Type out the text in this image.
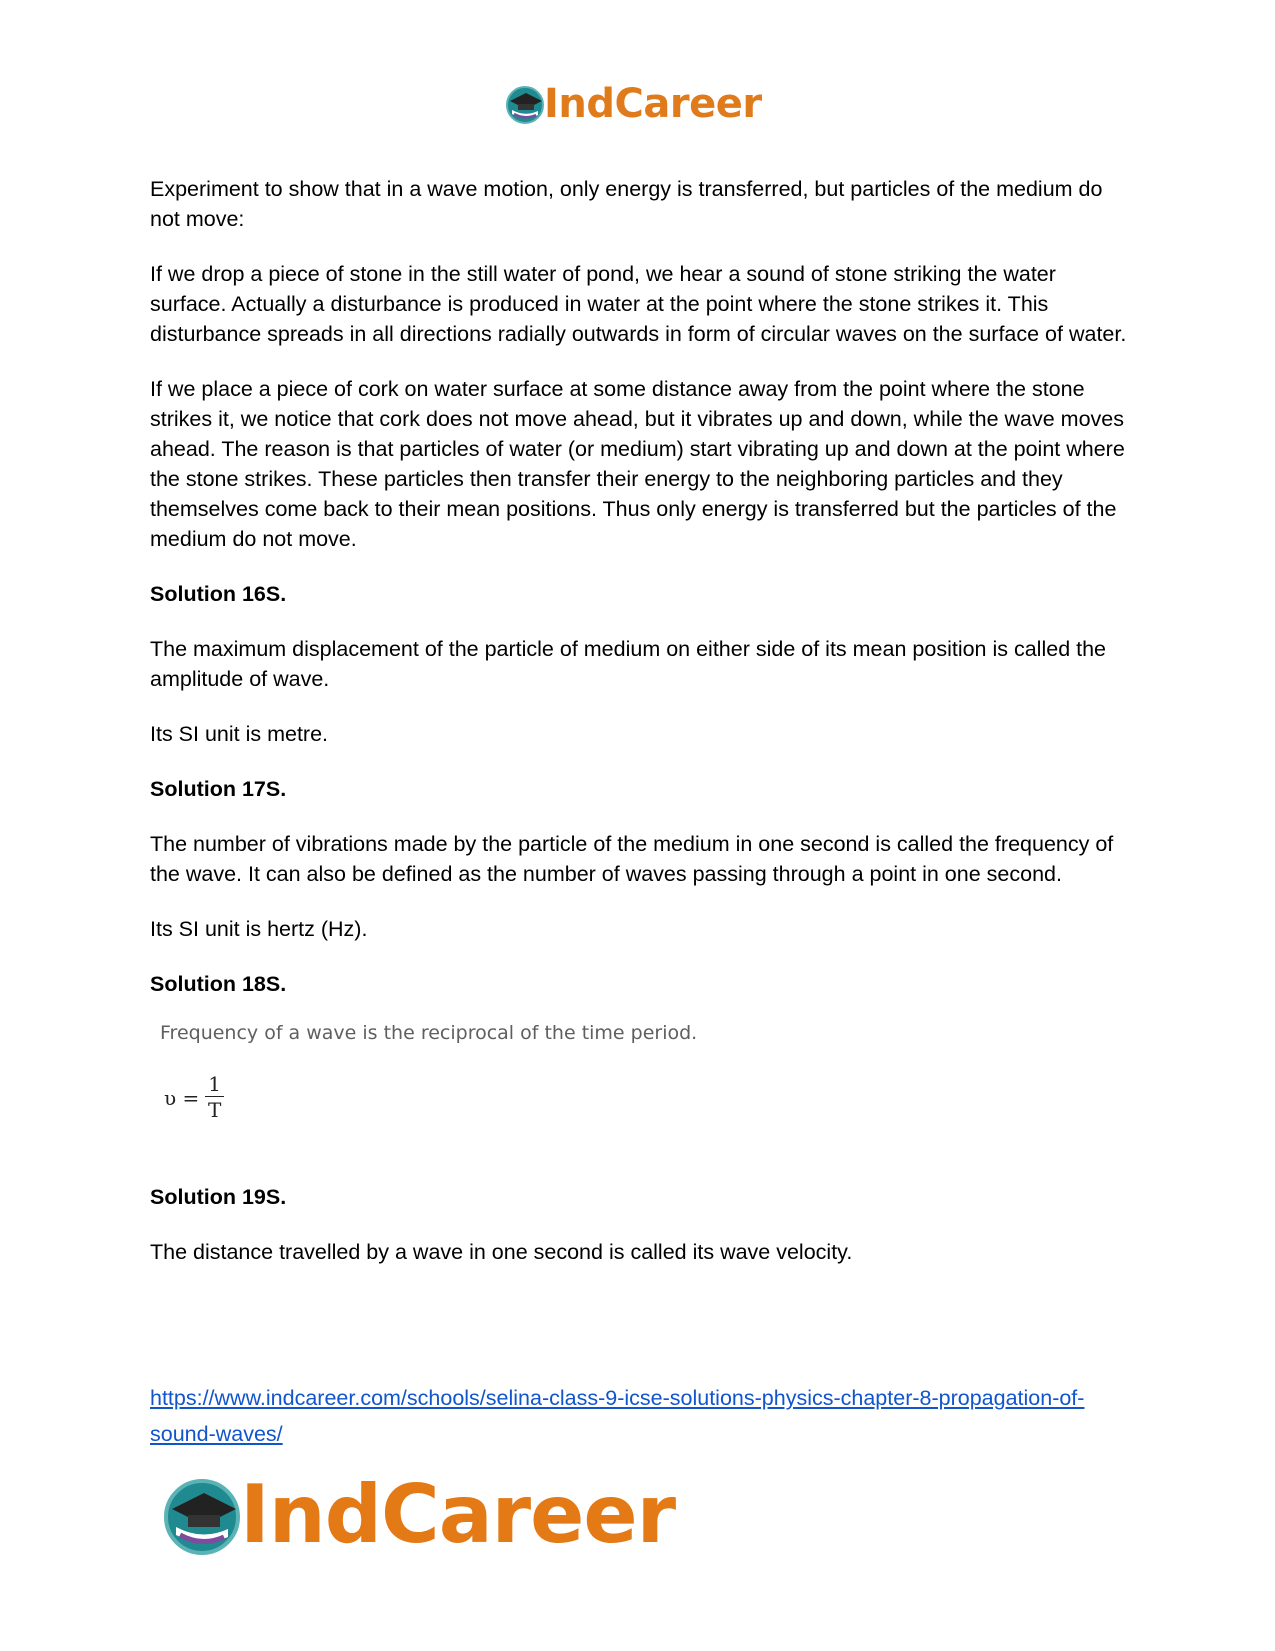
IndCareer

Experiment to show that in a wave motion, only energy is transferred, but particles of the medium do not move:

If we drop a piece of stone in the still water of pond, we hear a sound of stone striking the water surface. Actually a disturbance is produced in water at the point where the stone strikes it. This disturbance spreads in all directions radially outwards in form of circular waves on the surface of water.

If we place a piece of cork on water surface at some distance away from the point where the stone strikes it, we notice that cork does not move ahead, but it vibrates up and down, while the wave moves ahead. The reason is that particles of water (or medium) start vibrating up and down at the point where the stone strikes. These particles then transfer their energy to the neighboring particles and they themselves come back to their mean positions. Thus only energy is transferred but the particles of the medium do not move.

Solution 16S.

The maximum displacement of the particle of medium on either side of its mean position is called the amplitude of wave.

Its SI unit is metre.

Solution 17S.

The number of vibrations made by the particle of the medium in one second is called the frequency of the wave. It can also be defined as the number of waves passing through a point in one second.

Its SI unit is hertz (Hz).

Solution 18S.

Frequency of a wave is the reciprocal of the time period.
$\upsilon = \frac{1}{T}$

Solution 19S.

The distance travelled by a wave in one second is called its wave velocity.

https://www.indcareer.com/schools/selina-class-9-icse-solutions-physics-chapter-8-propagation-of-sound-waves/
IndCareer
